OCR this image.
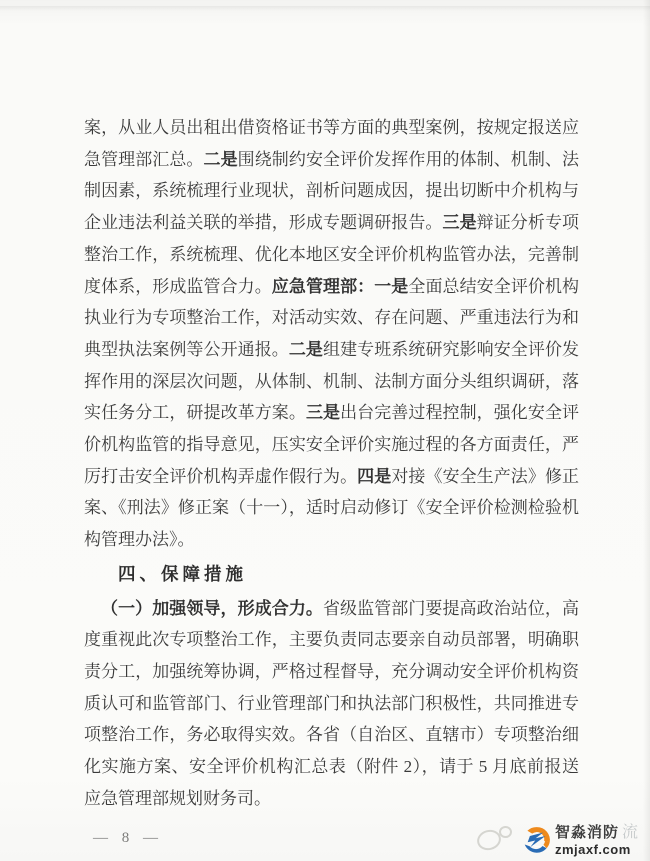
案，从业人员出租出借资格证书等方面的典型案例，按规定报送应急管理部汇总。二是围绕制约安全评价发挥作用的体制、机制、法制因素，系统梳理行业现状，剖析问题成因，提出切断中介机构与企业违法利益关联的举措，形成专题调研报告。三是辩证分析专项整治工作，系统梳理、优化本地区安全评价机构监管办法，完善制度体系，形成监管合力。应急管理部：一是全面总结安全评价机构执业行为专项整治工作，对活动实效、存在问题、严重违法行为和典型执法案例等公开通报。二是组建专班系统研究影响安全评价发挥作用的深层次问题，从体制、机制、法制方面分头组织调研，落实任务分工，研提改革方案。三是出台完善过程控制，强化安全评价机构监管的指导意见，压实安全评价实施过程的各方面责任，严厉打击安全评价机构弄虚作假行为。四是对接《安全生产法》修正案、《刑法》修正案（十一），适时启动修订《安全评价检测检验机构管理办法》。

四、保障措施

（一）加强领导，形成合力。省级监管部门要提高政治站位，高度重视此次专项整治工作，主要负责同志要亲自动员部署，明确职责分工，加强统筹协调，严格过程督导，充分调动安全评价机构资质认可和监管部门、行业管理部门和执法部门积极性，共同推进专项整治工作，务必取得实效。各省（自治区、直辖市）专项整治细化实施方案、安全评价机构汇总表（附件 2），请于 5 月底前报送应急管理部规划财务司。

— 8 —	智淼消防 流
zmjaxf.com
